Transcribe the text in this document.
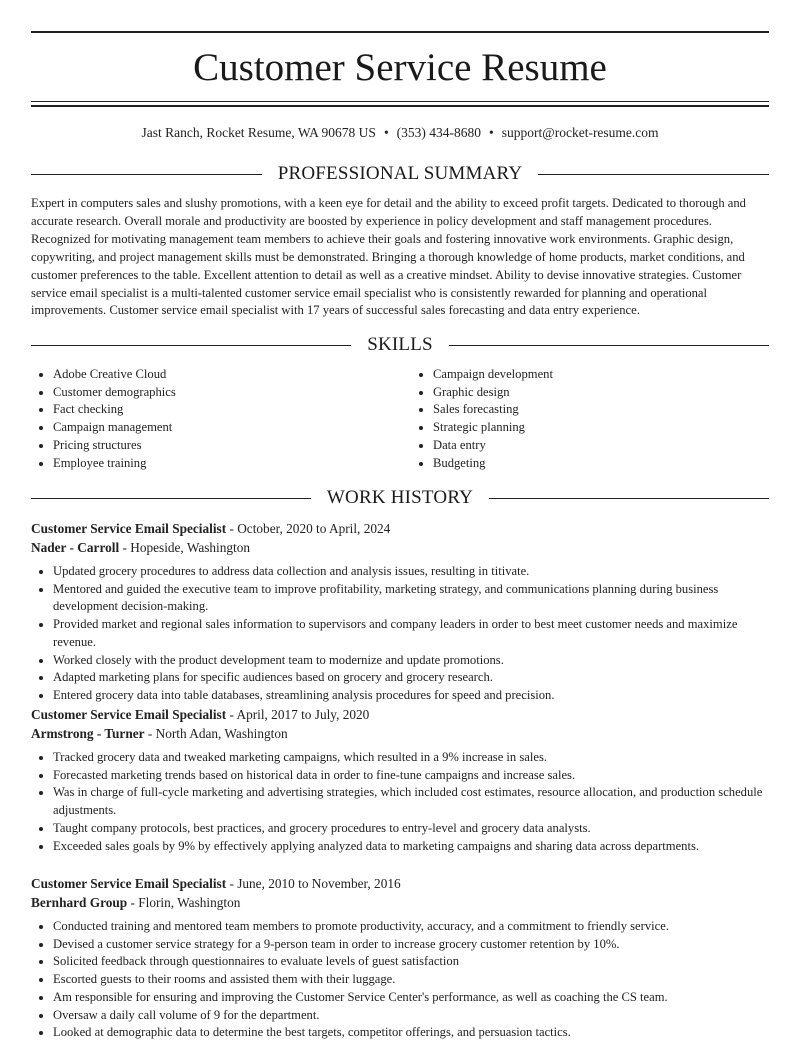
Customer Service Resume
Jast Ranch, Rocket Resume, WA 90678 US • (353) 434-8680 • support@rocket-resume.com
PROFESSIONAL SUMMARY

Expert in computers sales and slushy promotions, with a keen eye for detail and the ability to exceed profit targets. Dedicated to thorough and accurate research. Overall morale and productivity are boosted by experience in policy development and staff management procedures. Recognized for motivating management team members to achieve their goals and fostering innovative work environments. Graphic design, copywriting, and project management skills must be demonstrated. Bringing a thorough knowledge of home products, market conditions, and customer preferences to the table. Excellent attention to detail as well as a creative mindset. Ability to devise innovative strategies. Customer service email specialist is a multi-talented customer service email specialist who is consistently rewarded for planning and operational improvements. Customer service email specialist with 17 years of successful sales forecasting and data entry experience.

SKILLS
• Adobe Creative Cloud
• Customer demographics
• Fact checking
• Campaign management
• Pricing structures
• Employee training
• Campaign development
• Graphic design
• Sales forecasting
• Strategic planning
• Data entry
• Budgeting
WORK HISTORY
Customer Service Email Specialist - October, 2020 to April, 2024
Nader - Carroll - Hopeside, Washington
• Updated grocery procedures to address data collection and analysis issues, resulting in titivate.
• Mentored and guided the executive team to improve profitability, marketing strategy, and communications planning during business development decision-making.
• Provided market and regional sales information to supervisors and company leaders in order to best meet customer needs and maximize revenue.
• Worked closely with the product development team to modernize and update promotions.
• Adapted marketing plans for specific audiences based on grocery and grocery research.
• Entered grocery data into table databases, streamlining analysis procedures for speed and precision.
Customer Service Email Specialist - April, 2017 to July, 2020
Armstrong - Turner - North Adan, Washington
• Tracked grocery data and tweaked marketing campaigns, which resulted in a 9% increase in sales.
• Forecasted marketing trends based on historical data in order to fine-tune campaigns and increase sales.
• Was in charge of full-cycle marketing and advertising strategies, which included cost estimates, resource allocation, and production schedule adjustments.
• Taught company protocols, best practices, and grocery procedures to entry-level and grocery data analysts.
• Exceeded sales goals by 9% by effectively applying analyzed data to marketing campaigns and sharing data across departments.
Customer Service Email Specialist - June, 2010 to November, 2016
Bernhard Group - Florin, Washington
• Conducted training and mentored team members to promote productivity, accuracy, and a commitment to friendly service.
• Devised a customer service strategy for a 9-person team in order to increase grocery customer retention by 10%.
• Solicited feedback through questionnaires to evaluate levels of guest satisfaction
• Escorted guests to their rooms and assisted them with their luggage.
• Am responsible for ensuring and improving the Customer Service Center's performance, as well as coaching the CS team.
• Oversaw a daily call volume of 9 for the department.
• Looked at demographic data to determine the best targets, competitor offerings, and persuasion tactics.
